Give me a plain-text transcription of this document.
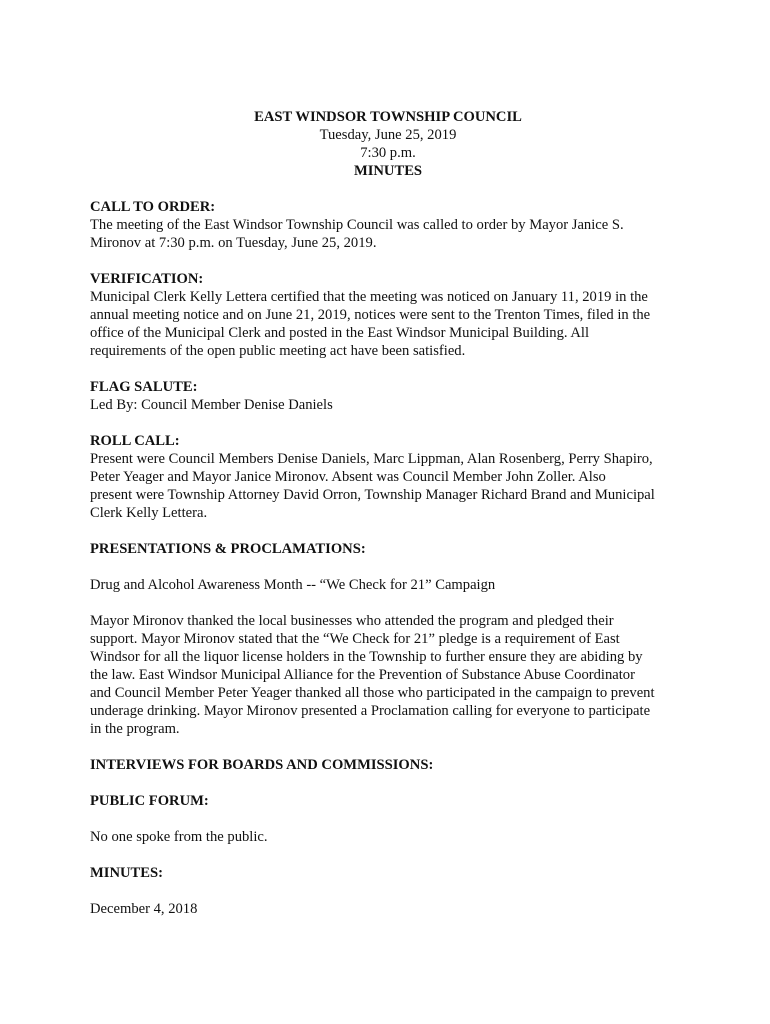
EAST WINDSOR TOWNSHIP COUNCIL
Tuesday, June 25, 2019
7:30 p.m.
MINUTES
CALL TO ORDER:
The meeting of the East Windsor Township Council was called to order by Mayor Janice S.
Mironov at 7:30 p.m. on Tuesday, June 25, 2019.
VERIFICATION:
Municipal Clerk Kelly Lettera certified that the meeting was noticed on January 11, 2019 in the
annual meeting notice and on June 21, 2019, notices were sent to the Trenton Times, filed in the
office of the Municipal Clerk and posted in the East Windsor Municipal Building. All
requirements of the open public meeting act have been satisfied.
FLAG SALUTE:
Led By: Council Member Denise Daniels
ROLL CALL:
Present were Council Members Denise Daniels, Marc Lippman, Alan Rosenberg, Perry Shapiro,
Peter Yeager and Mayor Janice Mironov. Absent was Council Member John Zoller. Also
present were Township Attorney David Orron, Township Manager Richard Brand and Municipal
Clerk Kelly Lettera.
PRESENTATIONS & PROCLAMATIONS:
Drug and Alcohol Awareness Month -- “We Check for 21” Campaign
Mayor Mironov thanked the local businesses who attended the program and pledged their
support. Mayor Mironov stated that the “We Check for 21” pledge is a requirement of East
Windsor for all the liquor license holders in the Township to further ensure they are abiding by
the law. East Windsor Municipal Alliance for the Prevention of Substance Abuse Coordinator
and Council Member Peter Yeager thanked all those who participated in the campaign to prevent
underage drinking. Mayor Mironov presented a Proclamation calling for everyone to participate
in the program.
INTERVIEWS FOR BOARDS AND COMMISSIONS:
PUBLIC FORUM:
No one spoke from the public.
MINUTES:
December 4, 2018
